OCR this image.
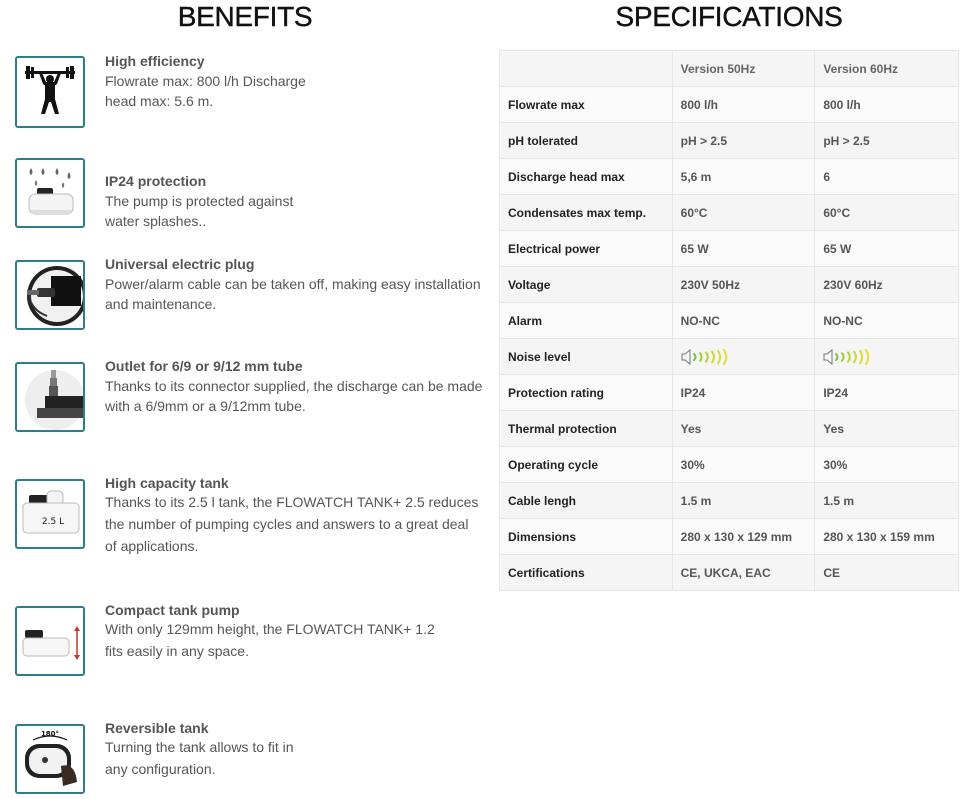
BENEFITS	SPECIFICATIONS
High efficiency
Flowrate max: 800 l/h Discharge head max: 5.6 m.
IP24 protection
The pump is protected against water splashes..
Universal electric plug
Power/alarm cable can be taken off, making easy installation and maintenance.
Outlet for 6/9 or 9/12 mm tube
Thanks to its connector supplied, the discharge can be made with a 6/9mm or a 9/12mm tube.
2.5 L
High capacity tank
Thanks to its 2.5 l tank, the FLOWATCH TANK+ 2.5 reduces the number of pumping cycles and answers to a great deal of applications.
Compact tank pump
With only 129mm height, the FLOWATCH TANK+ 1.2 fits easily in any space.
180°	Reversible tank
Turning the tank allows to fit in any configuration.
	Version 50Hz	Version 60Hz
Flowrate max	800 l/h	800 l/h
pH tolerated	pH > 2.5	pH > 2.5
Discharge head max	5,6 m	6
Condensates max temp.	60°C	60°C
Electrical power	65 W	65 W
Voltage	230V 50Hz	230V 60Hz
Alarm	NO-NC	NO-NC
Noise level		
Protection rating	IP24	IP24
Thermal protection	Yes	Yes
Operating cycle	30%	30%
Cable lengh	1.5 m	1.5 m
Dimensions	280 x 130 x 129 mm	280 x 130 x 159 mm
Certifications	CE, UKCA, EAC	CE
